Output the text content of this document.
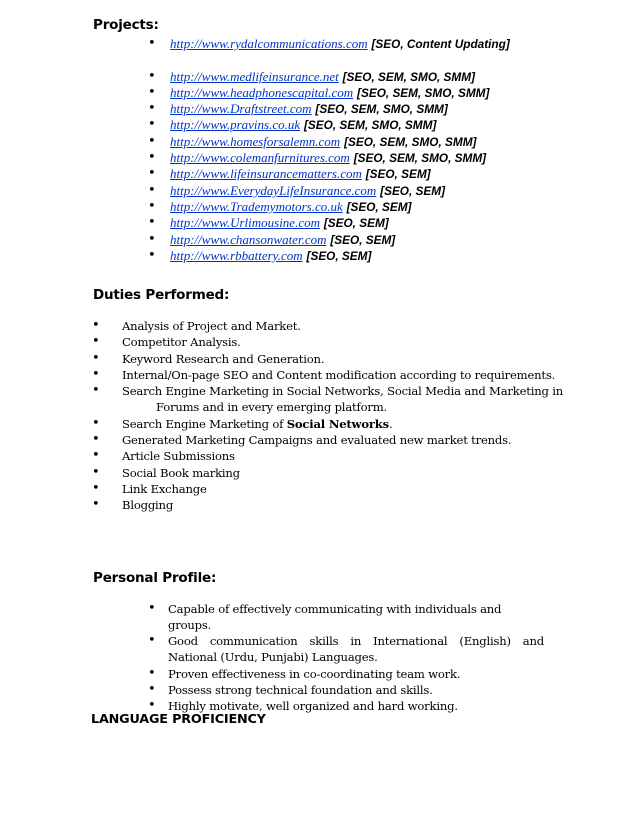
Projects:
• http://www.rydalcommunications.com [SEO, Content Updating]
• http://www.medlifeinsurance.net [SEO, SEM, SMO, SMM]
• http://www.headphonescapital.com [SEO, SEM, SMO, SMM]
• http://www.Draftstreet.com [SEO, SEM, SMO, SMM]
• http://www.pravins.co.uk [SEO, SEM, SMO, SMM]
• http://www.homesforsalemn.com [SEO, SEM, SMO, SMM]
• http://www.colemanfurnitures.com [SEO, SEM, SMO, SMM]
• http://www.lifeinsurancematters.com [SEO, SEM]
• http://www.EverydayLifeInsurance.com [SEO, SEM]
• http://www.Trademymotors.co.uk [SEO, SEM]
• http://www.Urlimousine.com [SEO, SEM]
• http://www.chansonwater.com [SEO, SEM]
• http://www.rbbattery.com [SEO, SEM]
Duties Performed:
• Analysis of Project and Market.
• Competitor Analysis.
• Keyword Research and Generation.
• Internal/On-page SEO and Content modification according to requirements.
• Search Engine Marketing in Social Networks, Social Media and Marketing in
Forums and in every emerging platform.
• Search Engine Marketing of Social Networks.
• Generated Marketing Campaigns and evaluated new market trends.
• Article Submissions
• Social Book marking
• Link Exchange
• Blogging
Personal Profile:
• Capable of effectively communicating with individuals and groups.
• Good communication skills in International (English) and National (Urdu, Punjabi) Languages.
• Proven effectiveness in co-coordinating team work.
• Possess strong technical foundation and skills.
• Highly motivate, well organized and hard working.
LANGUAGE PROFICIENCY
